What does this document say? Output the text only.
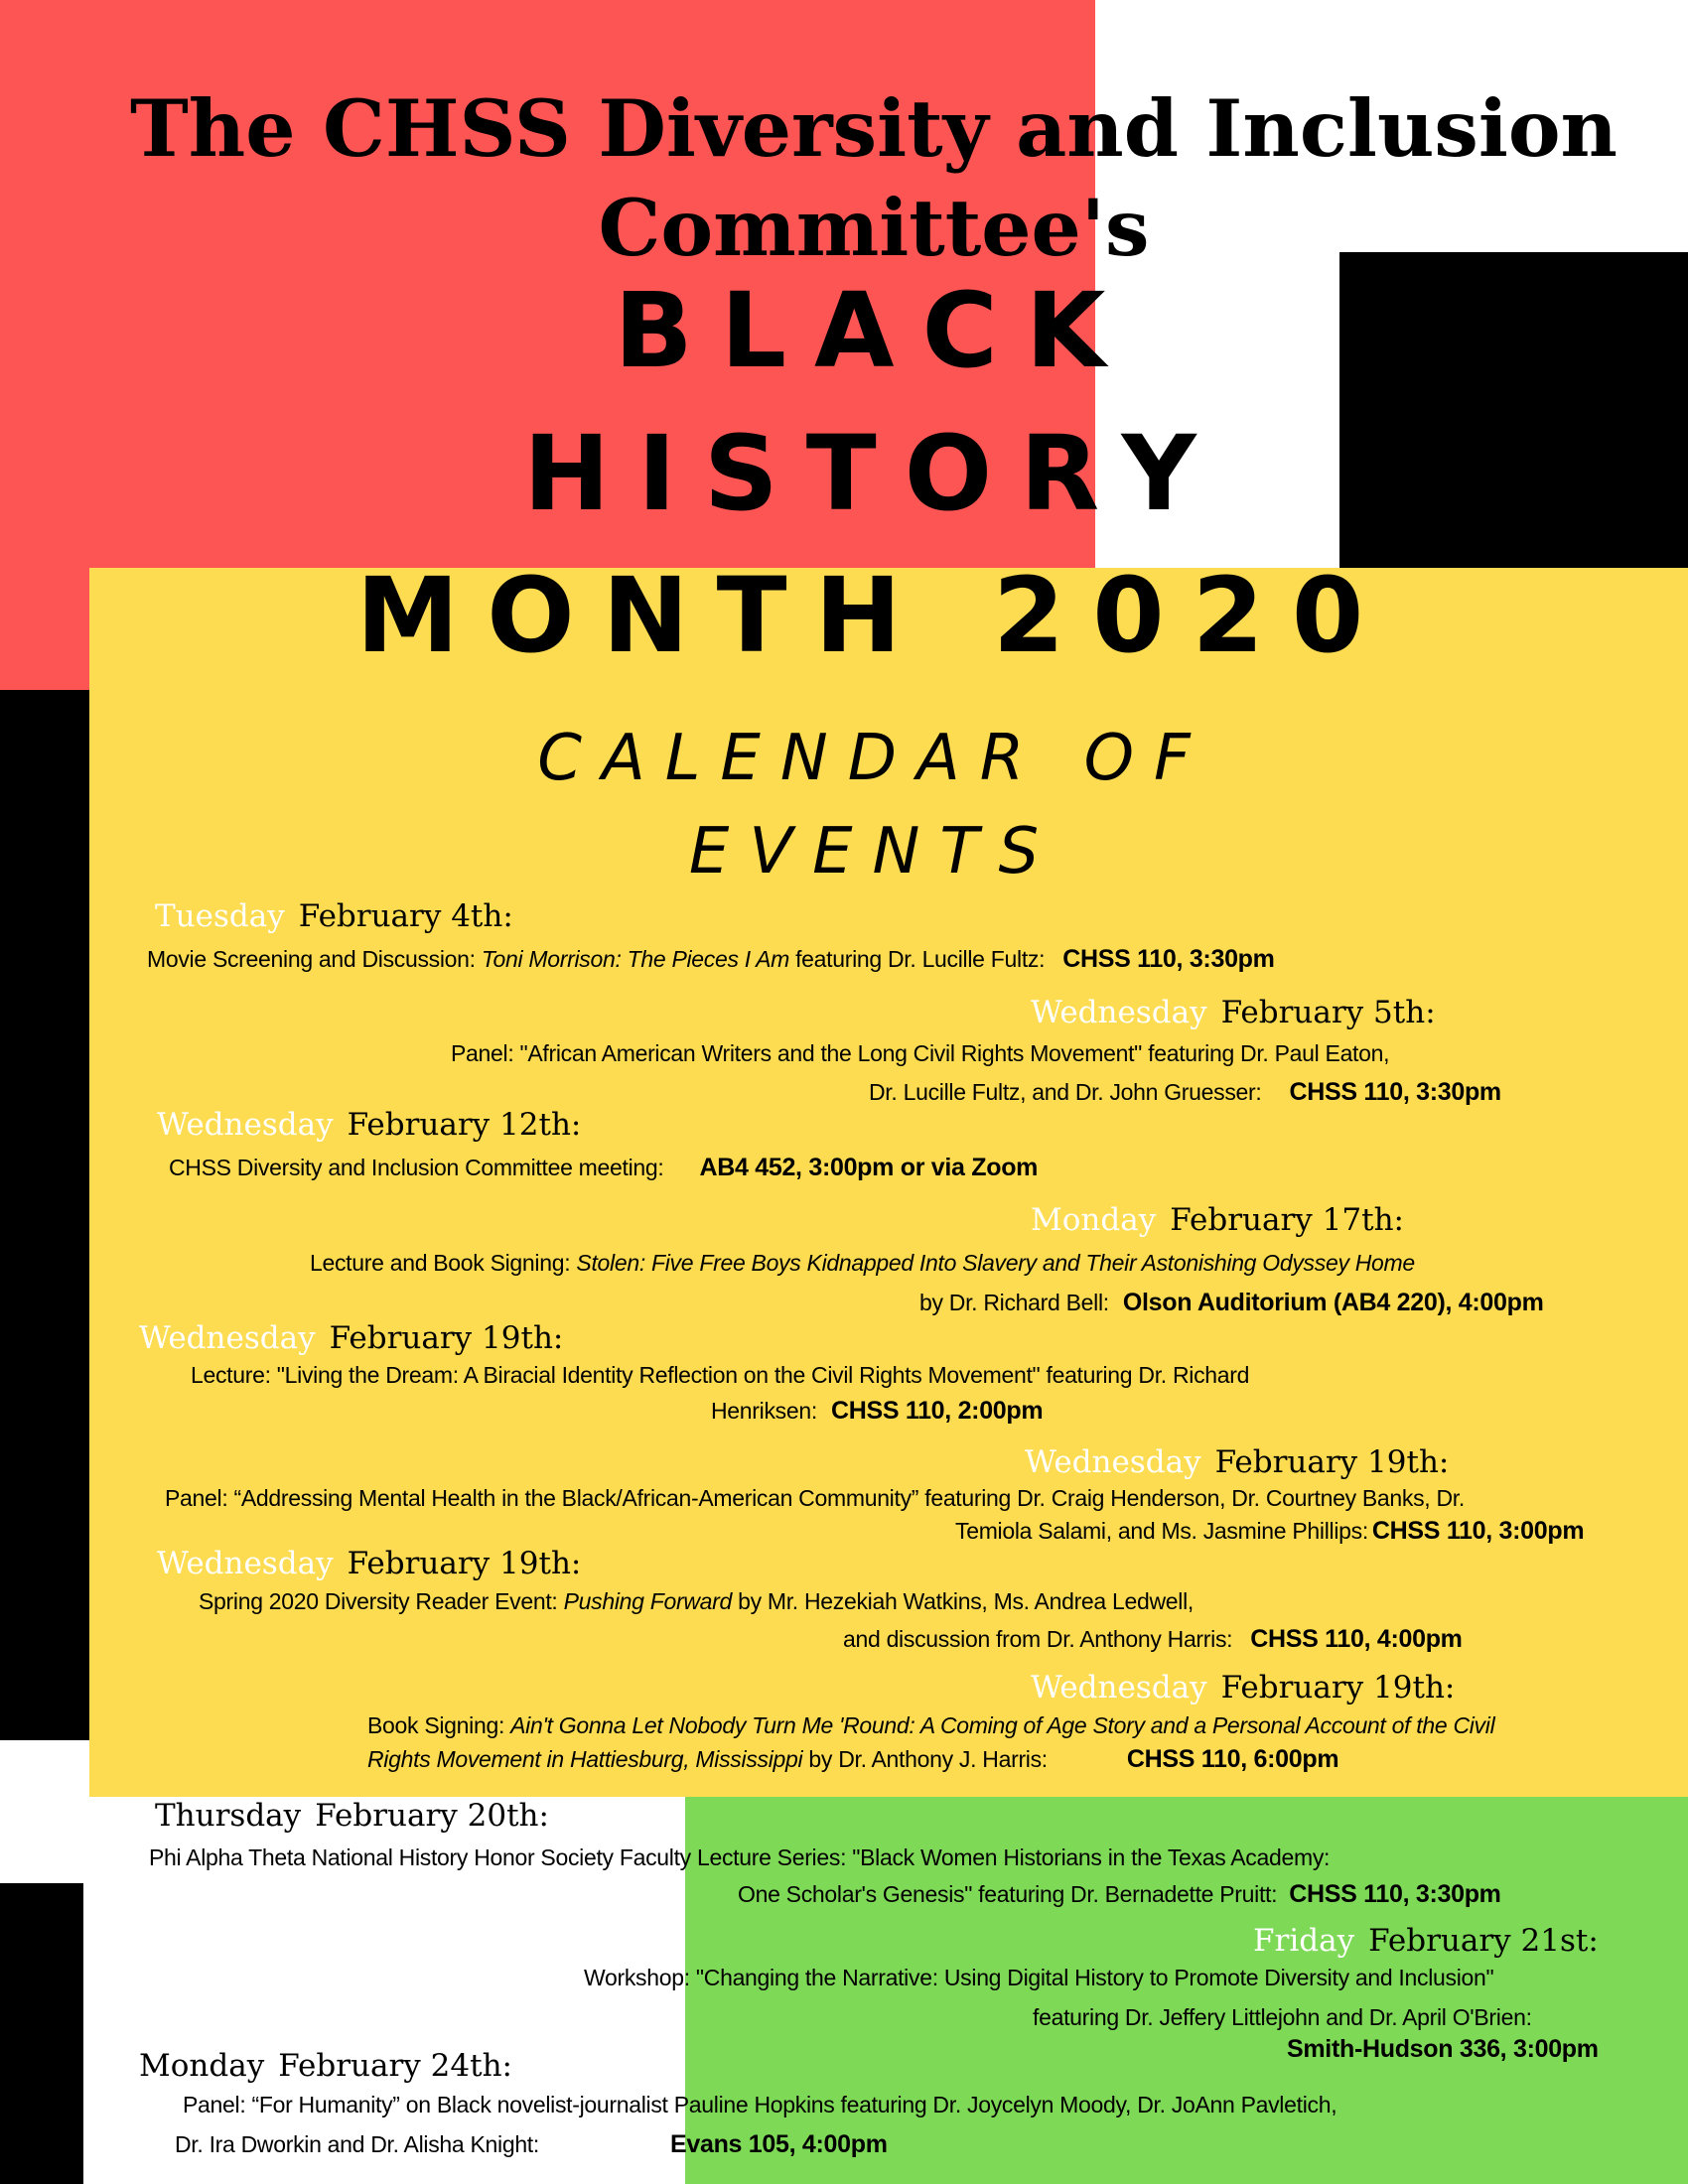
The CHSS Diversity and Inclusion
Committee's
BLACK
HISTORY
MONTH 2020
CALENDAR OF
EVENTS
Tuesday February 4th:
Movie Screening and Discussion: Toni Morrison: The Pieces I Am featuring Dr. Lucille Fultz: CHSS 110, 3:30pm
Wednesday February 5th:
Panel: "African American Writers and the Long Civil Rights Movement" featuring Dr. Paul Eaton,
Dr. Lucille Fultz, and Dr. John Gruesser: CHSS 110, 3:30pm
Wednesday February 12th:
CHSS Diversity and Inclusion Committee meeting: AB4 452, 3:00pm or via Zoom
Monday February 17th:
Lecture and Book Signing: Stolen: Five Free Boys Kidnapped Into Slavery and Their Astonishing Odyssey Home
by Dr. Richard Bell: Olson Auditorium (AB4 220), 4:00pm
Wednesday February 19th:
Lecture: "Living the Dream: A Biracial Identity Reflection on the Civil Rights Movement" featuring Dr. Richard
Henriksen: CHSS 110, 2:00pm
Wednesday February 19th:
Panel: “Addressing Mental Health in the Black/African-American Community” featuring Dr. Craig Henderson, Dr. Courtney Banks, Dr.
Temiola Salami, and Ms. Jasmine Phillips: CHSS 110, 3:00pm
Wednesday February 19th:
Spring 2020 Diversity Reader Event: Pushing Forward by Mr. Hezekiah Watkins, Ms. Andrea Ledwell,
and discussion from Dr. Anthony Harris: CHSS 110, 4:00pm
Wednesday February 19th:
Book Signing: Ain't Gonna Let Nobody Turn Me 'Round: A Coming of Age Story and a Personal Account of the Civil
Rights Movement in Hattiesburg, Mississippi by Dr. Anthony J. Harris:	CHSS 110, 6:00pm
Thursday February 20th:
Phi Alpha Theta National History Honor Society Faculty Lecture Series: "Black Women Historians in the Texas Academy:
One Scholar's Genesis" featuring Dr. Bernadette Pruitt: CHSS 110, 3:30pm
Friday February 21st:
Workshop: "Changing the Narrative: Using Digital History to Promote Diversity and Inclusion"
featuring Dr. Jeffery Littlejohn and Dr. April O'Brien:
Smith-Hudson 336, 3:00pm
Monday February 24th:
Panel: “For Humanity” on Black novelist-journalist Pauline Hopkins featuring Dr. Joycelyn Moody, Dr. JoAnn Pavletich,
Dr. Ira Dworkin and Dr. Alisha Knight:	Evans 105, 4:00pm
